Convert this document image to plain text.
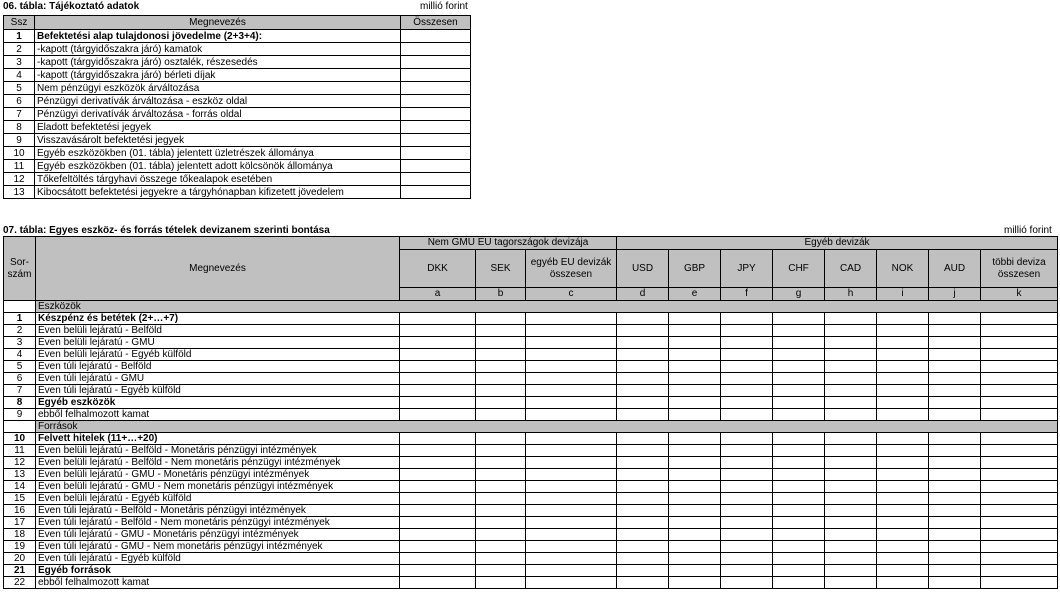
06. tábla: Tájékoztató adatok	millió forint
Ssz	Megnevezés	Összesen
1	Befektetési alap tulajdonosi jövedelme (2+3+4):	
2	-kapott (tárgyidőszakra járó) kamatok	
3	-kapott (tárgyidőszakra járó) osztalék, részesedés	
4	-kapott (tárgyidőszakra járó) bérleti díjak	
5	Nem pénzügyi eszközök árváltozása	
6	Pénzügyi derivatívák árváltozása - eszköz oldal	
7	Pénzügyi derivatívák árváltozása - forrás oldal	
8	Eladott befektetési jegyek	
9	Visszavásárolt befektetési jegyek	
10	Egyéb eszközökben (01. tábla) jelentett üzletrészek állománya	
11	Egyéb eszközökben (01. tábla) jelentett adott kölcsönök állománya	
12	Tőkefeltöltés tárgyhavi összege tőkealapok esetében	
13	Kibocsátott befektetési jegyekre a tárgyhónapban kifizetett jövedelem	
07. tábla: Egyes eszköz- és forrás tételek devizanem szerinti bontása	millió forint
Sor-szám	Megnevezés	Nem GMU EU tagországok devizája			Egyéb devizák							
		DKK	SEK	egyéb EU devizák összesen	USD	GBP	JPY	CHF	CAD	NOK	AUD	többi deviza összesen
		a	b	c	d	e	f	g	h	i	j	k
	Eszközök											
1	Készpénz és betétek (2+…+7)											
2	Éven belüli lejáratú - Belföld											
3	Éven belüli lejáratú - GMU											
4	Éven belüli lejáratú - Egyéb külföld											
5	Éven túli lejáratú - Belföld											
6	Éven túli lejáratú - GMU											
7	Éven túli lejáratú - Egyéb külföld											
8	Egyéb eszközök											
9	ebből felhalmozott kamat											
	Források											
10	Felvett hitelek (11+…+20)											
11	Éven belüli lejáratú - Belföld - Monetáris pénzügyi intézmények											
12	Éven belüli lejáratú - Belföld - Nem monetáris pénzügyi intézmények											
13	Éven belüli lejáratú - GMU - Monetáris pénzügyi intézmények											
14	Éven belüli lejáratú - GMU - Nem monetáris pénzügyi intézmények											
15	Éven belüli lejáratú - Egyéb külföld											
16	Éven túli lejáratú - Belföld - Monetáris pénzügyi intézmények											
17	Éven túli lejáratú - Belföld - Nem monetáris pénzügyi intézmények											
18	Éven túli lejáratú - GMU - Monetáris pénzügyi intézmények											
19	Éven túli lejáratú - GMU - Nem monetáris pénzügyi intézmények											
20	Éven túli lejáratú - Egyéb külföld											
21	Egyéb források											
22	ebből felhalmozott kamat											
